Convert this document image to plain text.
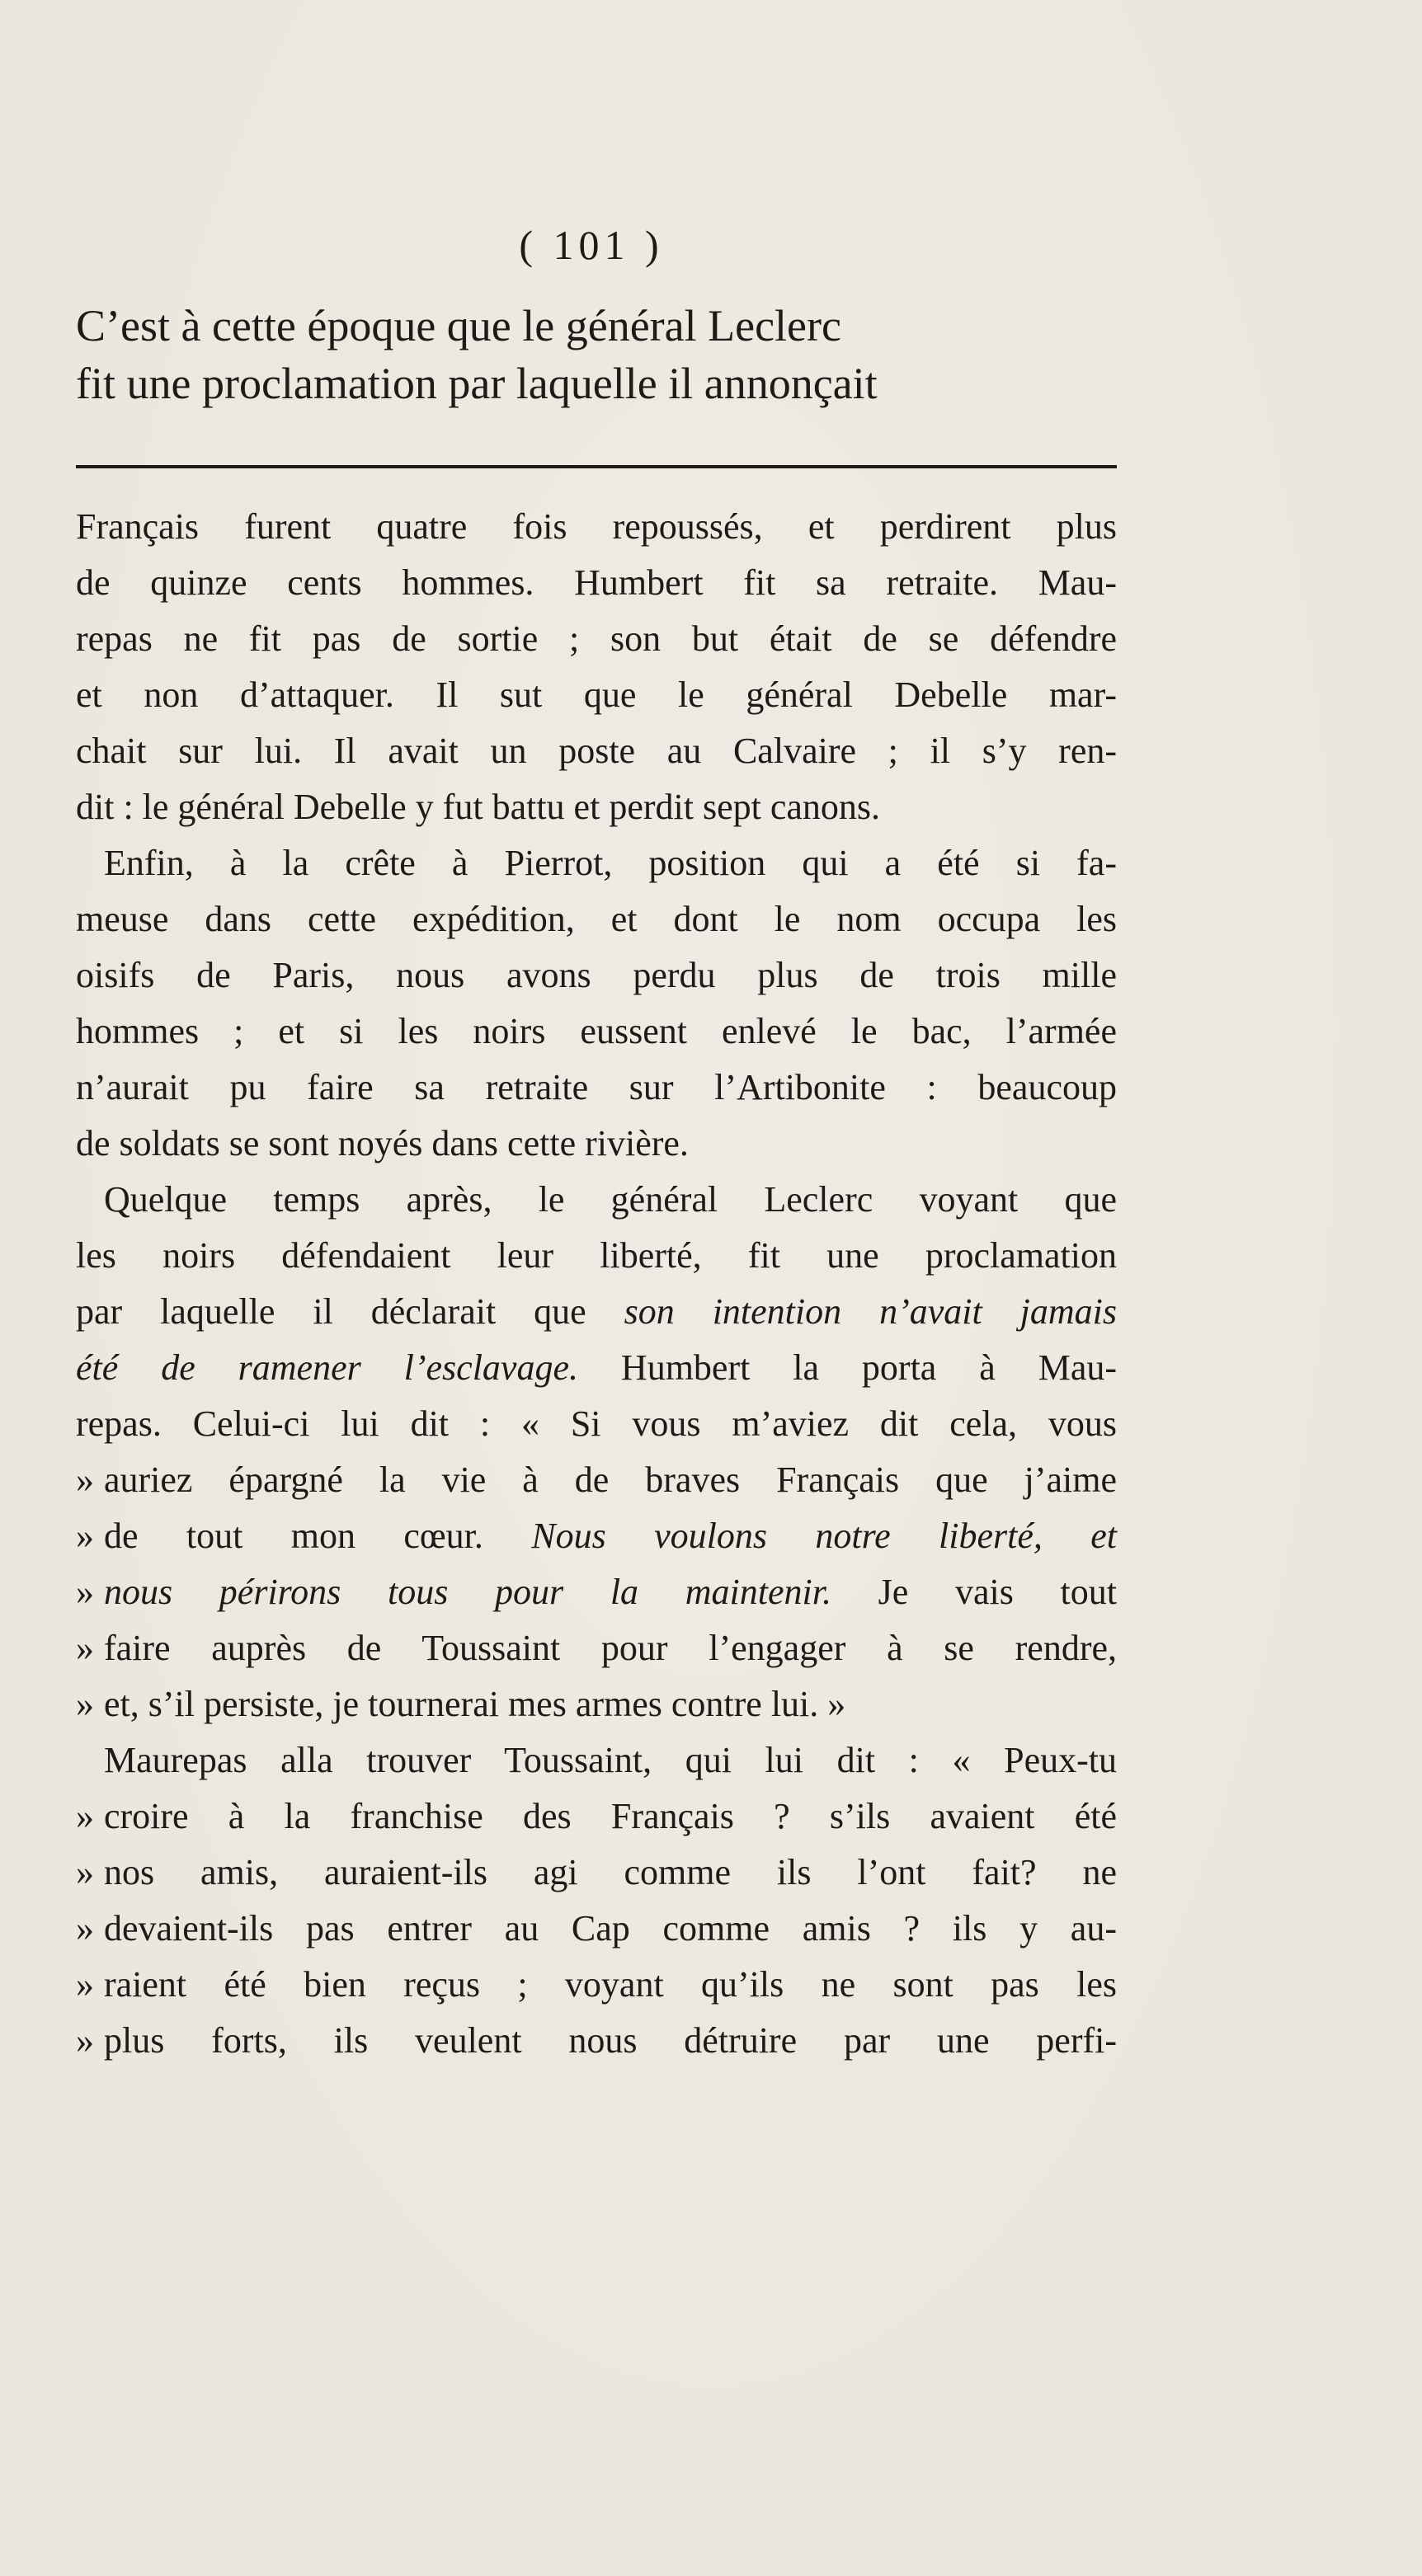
( 101 )
C’est à cette époque que le général Leclerc
fit une proclamation par laquelle il annonçait
Français furent quatre fois repoussés, et perdirent plus
de quinze cents hommes. Humbert fit sa retraite. Mau-
repas ne fit pas de sortie ; son but était de se défendre
et non d’attaquer. Il sut que le général Debelle mar-
chait sur lui. Il avait un poste au Calvaire ; il s’y ren-
dit : le général Debelle y fut battu et perdit sept canons.
Enfin, à la crête à Pierrot, position qui a été si fa-
meuse dans cette expédition, et dont le nom occupa les
oisifs de Paris, nous avons perdu plus de trois mille
hommes ; et si les noirs eussent enlevé le bac, l’armée
n’aurait pu faire sa retraite sur l’Artibonite : beaucoup
de soldats se sont noyés dans cette rivière.
Quelque temps après, le général Leclerc voyant que
les noirs défendaient leur liberté, fit une proclamation
par laquelle il déclarait que son intention n’avait jamais
été de ramener l’esclavage. Humbert la porta à Mau-
repas. Celui-ci lui dit : « Si vous m’aviez dit cela, vous
» auriez épargné la vie à de braves Français que j’aime
» de tout mon cœur. Nous voulons notre liberté, et
» nous périrons tous pour la maintenir. Je vais tout
» faire auprès de Toussaint pour l’engager à se rendre,
» et, s’il persiste, je tournerai mes armes contre lui. »
Maurepas alla trouver Toussaint, qui lui dit : « Peux-tu
» croire à la franchise des Français ? s’ils avaient été
» nos amis, auraient-ils agi comme ils l’ont fait? ne
» devaient-ils pas entrer au Cap comme amis ? ils y au-
» raient été bien reçus ; voyant qu’ils ne sont pas les
» plus forts, ils veulent nous détruire par une perfi-
